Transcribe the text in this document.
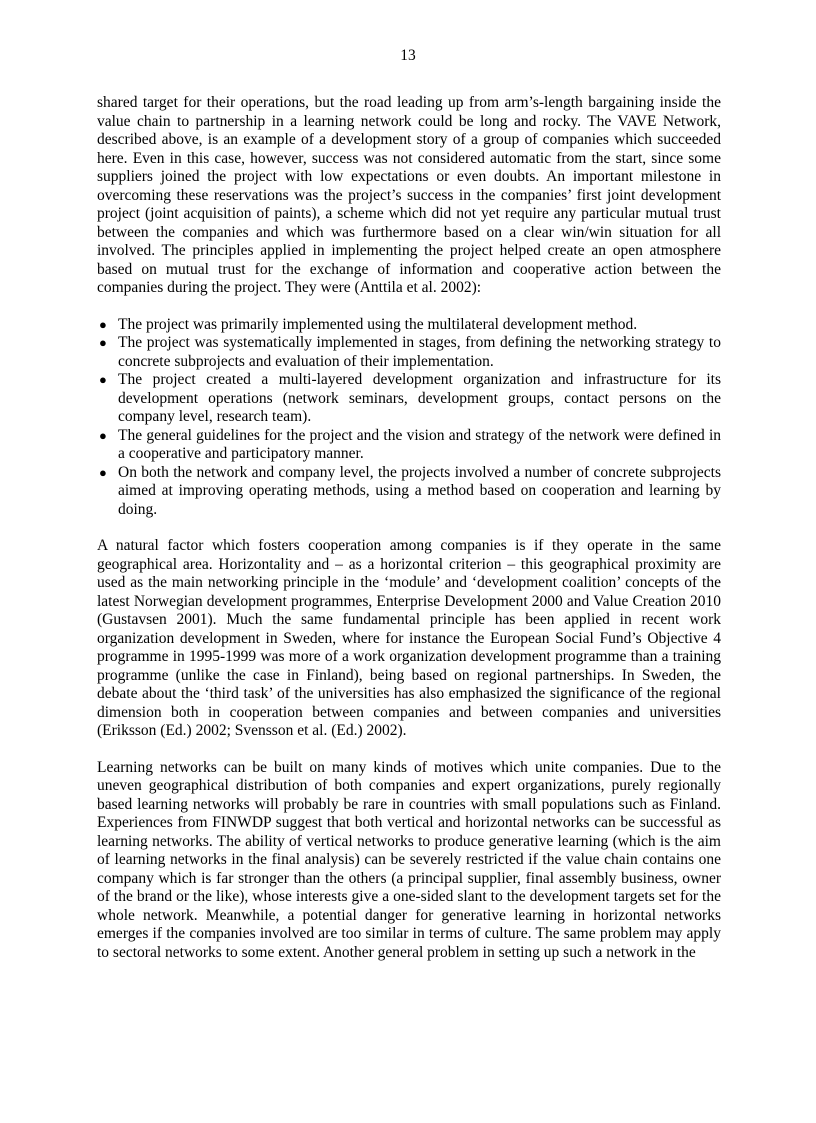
13

shared target for their operations, but the road leading up from arm’s-length bargaining inside the value chain to partnership in a learning network could be long and rocky. The VAVE Network, described above, is an example of a development story of a group of companies which succeeded here. Even in this case, however, success was not considered automatic from the start, since some suppliers joined the project with low expectations or even doubts. An important milestone in overcoming these reservations was the project’s success in the companies’ first joint development project (joint acquisition of paints), a scheme which did not yet require any particular mutual trust between the companies and which was furthermore based on a clear win/win situation for all involved. The principles applied in implementing the project helped create an open atmosphere based on mutual trust for the exchange of information and cooperative action between the companies during the project. They were (Anttila et al. 2002):

● The project was primarily implemented using the multilateral development method.
● The project was systematically implemented in stages, from defining the networking strategy to concrete subprojects and evaluation of their implementation.
● The project created a multi-layered development organization and infrastructure for its development operations (network seminars, development groups, contact persons on the company level, research team).
● The general guidelines for the project and the vision and strategy of the network were defined in a cooperative and participatory manner.
● On both the network and company level, the projects involved a number of concrete subprojects aimed at improving operating methods, using a method based on cooperation and learning by doing.

A natural factor which fosters cooperation among companies is if they operate in the same geographical area. Horizontality and – as a horizontal criterion – this geographical proximity are used as the main networking principle in the ‘module’ and ‘development coalition’ concepts of the latest Norwegian development programmes, Enterprise Development 2000 and Value Creation 2010 (Gustavsen 2001). Much the same fundamental principle has been applied in recent work organization development in Sweden, where for instance the European Social Fund’s Objective 4 programme in 1995-1999 was more of a work organization development programme than a training programme (unlike the case in Finland), being based on regional partnerships. In Sweden, the debate about the ‘third task’ of the universities has also emphasized the significance of the regional dimension both in cooperation between companies and between companies and universities (Eriksson (Ed.) 2002; Svensson et al. (Ed.) 2002).

Learning networks can be built on many kinds of motives which unite companies. Due to the uneven geographical distribution of both companies and expert organizations, purely regionally based learning networks will probably be rare in countries with small populations such as Finland. Experiences from FINWDP suggest that both vertical and horizontal networks can be successful as learning networks. The ability of vertical networks to produce generative learning (which is the aim of learning networks in the final analysis) can be severely restricted if the value chain contains one company which is far stronger than the others (a principal supplier, final assembly business, owner of the brand or the like), whose interests give a one-sided slant to the development targets set for the whole network. Meanwhile, a potential danger for generative learning in horizontal networks emerges if the companies involved are too similar in terms of culture. The same problem may apply to sectoral networks to some extent. Another general problem in setting up such a network in the
